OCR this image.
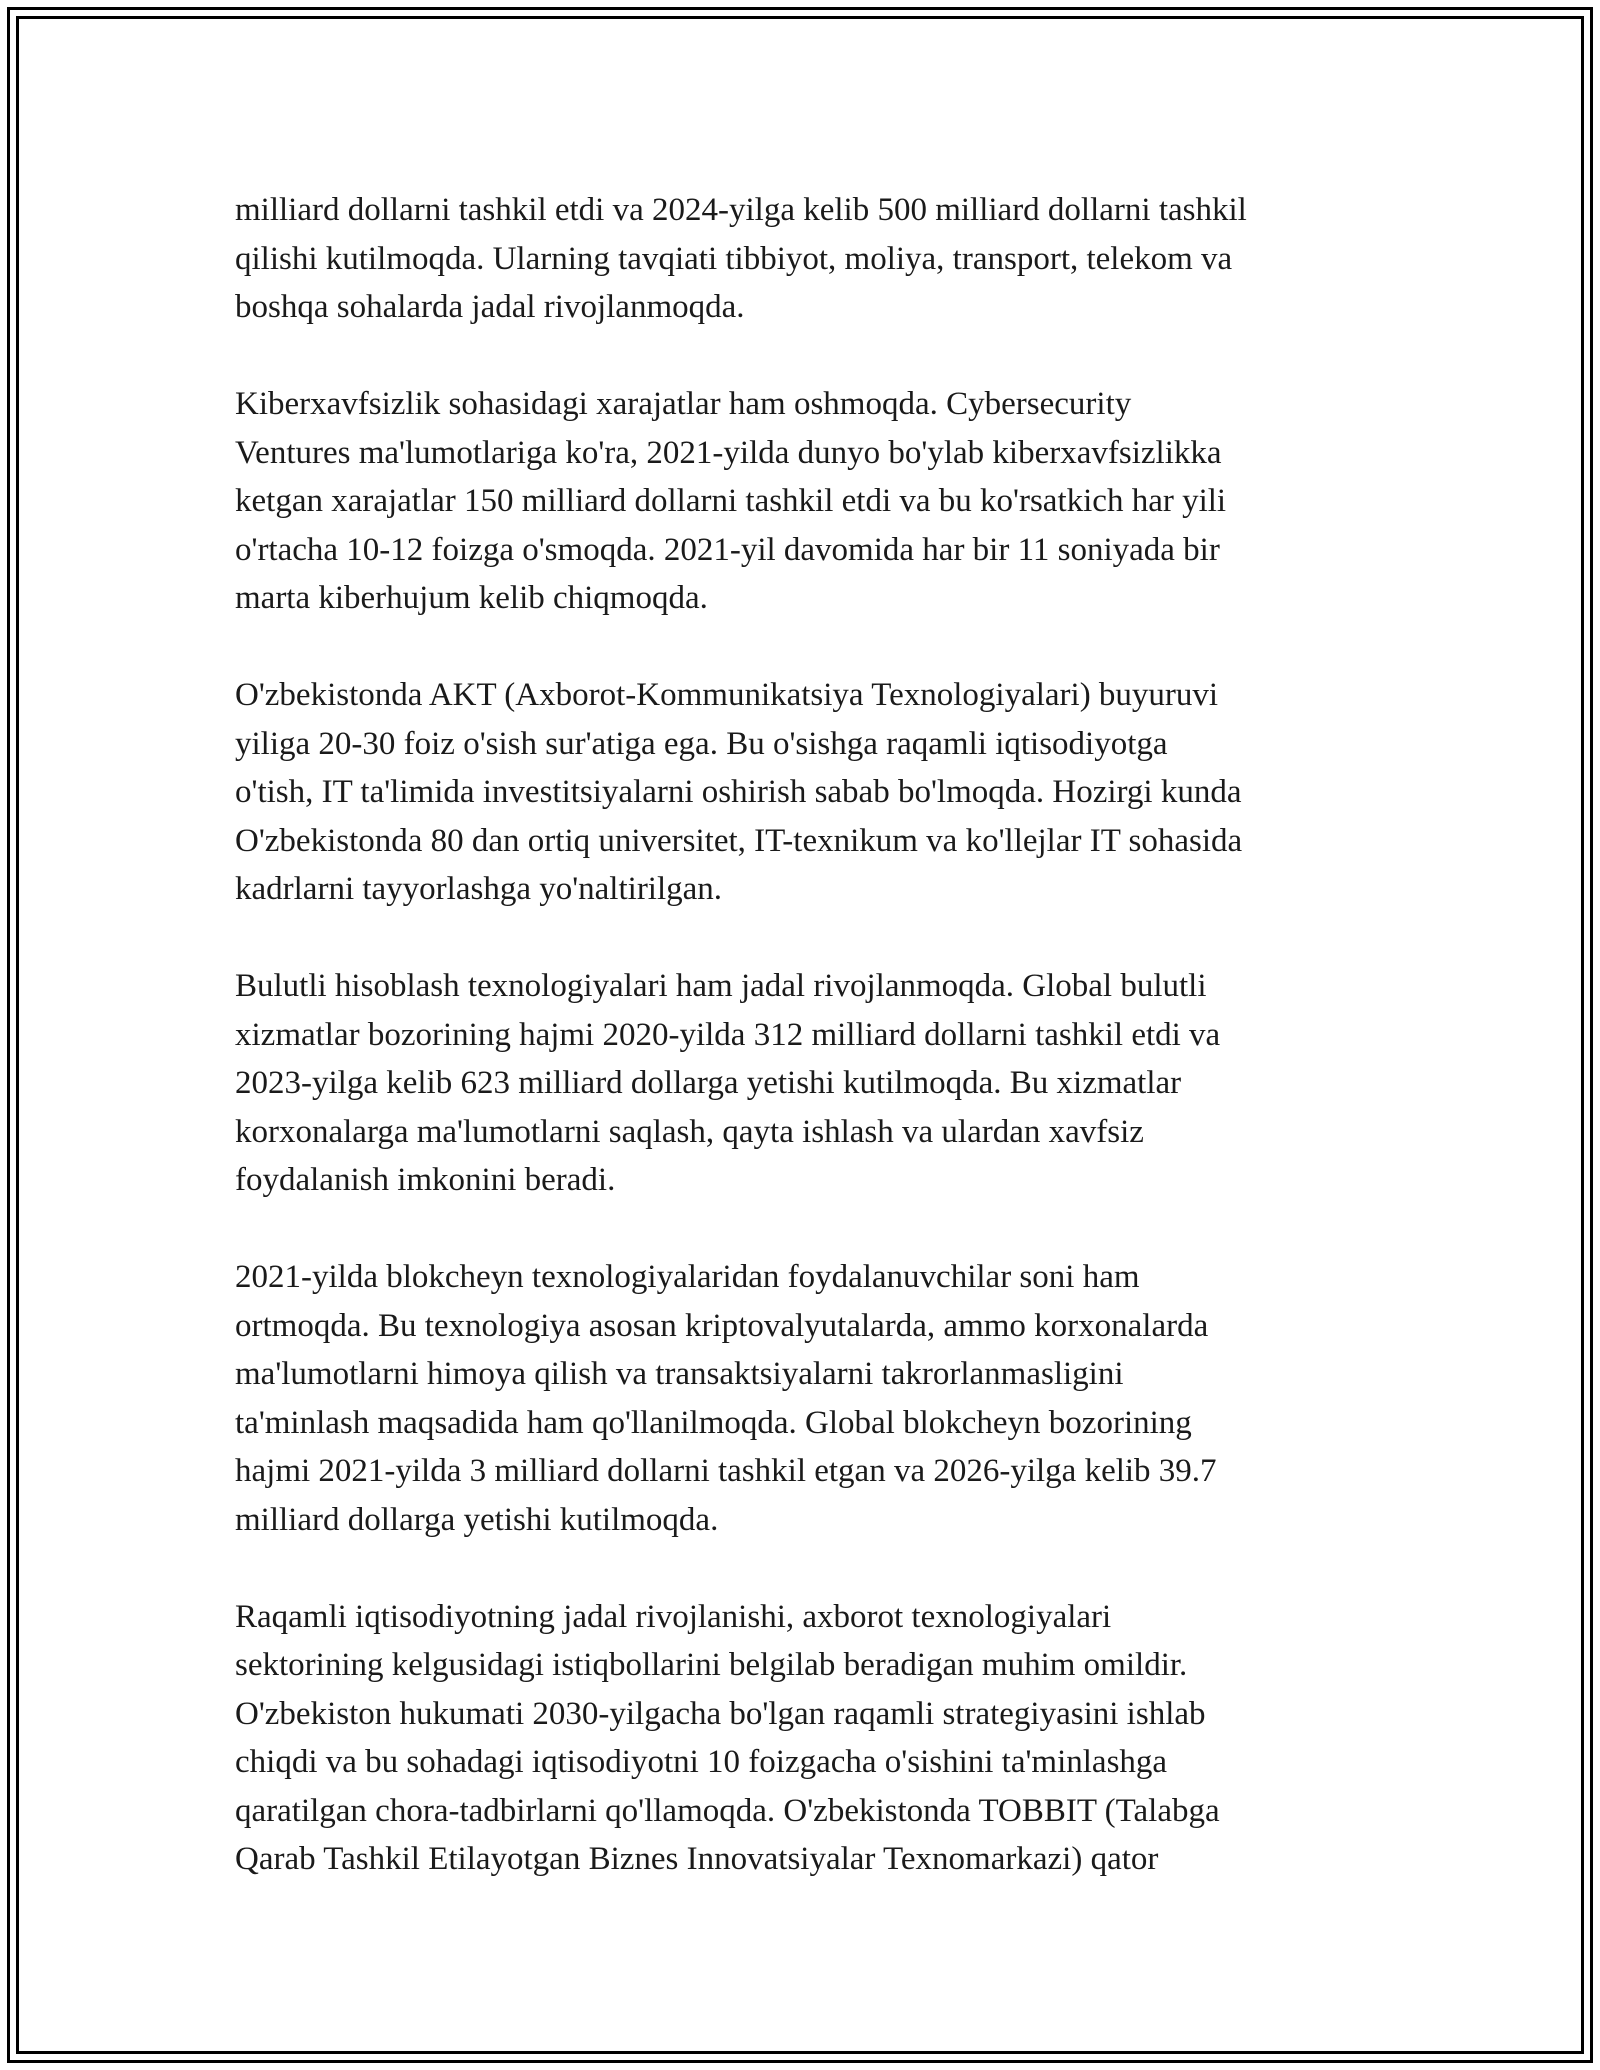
milliard dollarni tashkil etdi va 2024-yilga kelib 500 milliard dollarni tashkil
qilishi kutilmoqda. Ularning tavqiati tibbiyot, moliya, transport, telekom va
boshqa sohalarda jadal rivojlanmoqda.

Kiberxavfsizlik sohasidagi xarajatlar ham oshmoqda. Cybersecurity
Ventures ma'lumotlariga ko'ra, 2021-yilda dunyo bo'ylab kiberxavfsizlikka
ketgan xarajatlar 150 milliard dollarni tashkil etdi va bu ko'rsatkich har yili
o'rtacha 10-12 foizga o'smoqda. 2021-yil davomida har bir 11 soniyada bir
marta kiberhujum kelib chiqmoqda.

O'zbekistonda AKT (Axborot-Kommunikatsiya Texnologiyalari) buyuruvi
yiliga 20-30 foiz o'sish sur'atiga ega. Bu o'sishga raqamli iqtisodiyotga
o'tish, IT ta'limida investitsiyalarni oshirish sabab bo'lmoqda. Hozirgi kunda
O'zbekistonda 80 dan ortiq universitet, IT-texnikum va ko'llejlar IT sohasida
kadrlarni tayyorlashga yo'naltirilgan.

Bulutli hisoblash texnologiyalari ham jadal rivojlanmoqda. Global bulutli
xizmatlar bozorining hajmi 2020-yilda 312 milliard dollarni tashkil etdi va
2023-yilga kelib 623 milliard dollarga yetishi kutilmoqda. Bu xizmatlar
korxonalarga ma'lumotlarni saqlash, qayta ishlash va ulardan xavfsiz
foydalanish imkonini beradi.

2021-yilda blokcheyn texnologiyalaridan foydalanuvchilar soni ham
ortmoqda. Bu texnologiya asosan kriptovalyutalarda, ammo korxonalarda
ma'lumotlarni himoya qilish va transaktsiyalarni takrorlanmasligini
ta'minlash maqsadida ham qo'llanilmoqda. Global blokcheyn bozorining
hajmi 2021-yilda 3 milliard dollarni tashkil etgan va 2026-yilga kelib 39.7
milliard dollarga yetishi kutilmoqda.

Raqamli iqtisodiyotning jadal rivojlanishi, axborot texnologiyalari
sektorining kelgusidagi istiqbollarini belgilab beradigan muhim omildir.
O'zbekiston hukumati 2030-yilgacha bo'lgan raqamli strategiyasini ishlab
chiqdi va bu sohadagi iqtisodiyotni 10 foizgacha o'sishini ta'minlashga
qaratilgan chora-tadbirlarni qo'llamoqda. O'zbekistonda TOBBIT (Talabga
Qarab Tashkil Etilayotgan Biznes Innovatsiyalar Texnomarkazi) qator
